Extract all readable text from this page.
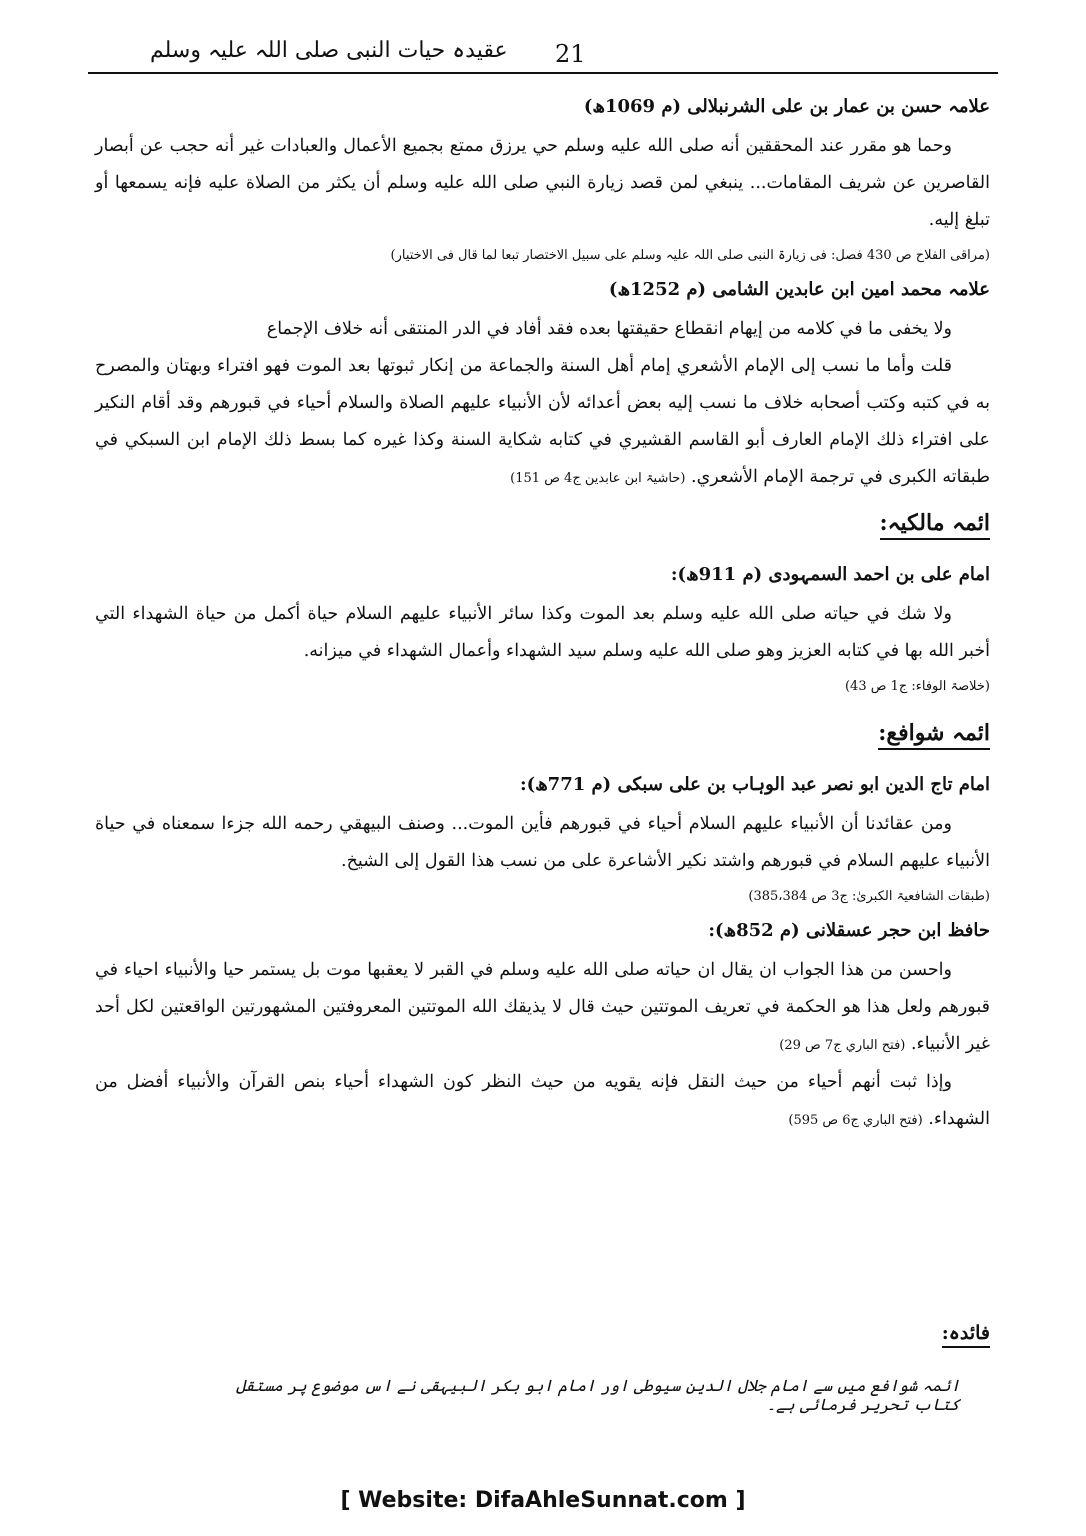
عقیدہ حیات النبی صلی اللہ علیہ وسلم 21
علامہ حسن بن عمار بن علی الشرنبلالی (م 1069ھ)

وحما هو مقرر عند المحققين أنه صلى الله عليه وسلم حي يرزق ممتع بجميع الأعمال والعبادات غير أنه حجب عن أبصار القاصرين عن شريف المقامات... ينبغي لمن قصد زيارة النبي صلى الله عليه وسلم أن يكثر من الصلاة عليه فإنه يسمعها أو تبلغ إليه.

(مراقی الفلاح ص 430 فصل: فی زیارۃ النبی صلی اللہ علیہ وسلم علی سبیل الاختصار تبعا لما قال فی الاختیار)
علامہ محمد امین ابن عابدین الشامی (م 1252ھ)

ولا يخفى ما في كلامه من إيهام انقطاع حقيقتها بعده فقد أفاد في الدر المنتقى أنه خلاف الإجماع

قلت وأما ما نسب إلى الإمام الأشعري إمام أهل السنة والجماعة من إنكار ثبوتها بعد الموت فهو افتراء وبهتان والمصرح به في كتبه وكتب أصحابه خلاف ما نسب إليه بعض أعدائه لأن الأنبياء عليهم الصلاة والسلام أحياء في قبورهم وقد أقام النكير على افتراء ذلك الإمام العارف أبو القاسم القشيري في كتابه شكاية السنة وكذا غيره كما بسط ذلك الإمام ابن السبكي في طبقاته الكبرى في ترجمة الإمام الأشعري. (حاشیۃ ابن عابدین ج4 ص 151)

ائمہ مالکیہ:
امام علی بن احمد السمہودی (م 911ھ):

ولا شك في حياته صلى الله عليه وسلم بعد الموت وكذا سائر الأنبياء عليهم السلام حياة أكمل من حياة الشهداء التي أخبر الله بها في كتابه العزيز وهو صلى الله عليه وسلم سيد الشهداء وأعمال الشهداء في ميزانه.

(خلاصۃ الوفاء: ج1 ص 43)
ائمہ شوافع:
امام تاج الدین ابو نصر عبد الوہاب بن علی سبکی (م 771ھ):

ومن عقائدنا أن الأنبياء عليهم السلام أحياء في قبورهم فأين الموت... وصنف البيهقي رحمه الله جزءا سمعناه في حياة الأنبياء عليهم السلام في قبورهم واشتد نكير الأشاعرة على من نسب هذا القول إلى الشيخ.

(طبقات الشافعیۃ الکبریٰ: ج3 ص 385،384)
حافظ ابن حجر عسقلانی (م 852ھ):

واحسن من هذا الجواب ان يقال ان حياته صلى الله عليه وسلم في القبر لا يعقبها موت بل يستمر حيا والأنبياء احياء في قبورهم ولعل هذا هو الحكمة في تعريف الموتتين حيث قال لا يذيقك الله الموتتين المعروفتين المشهورتين الواقعتين لكل أحد غير الأنبياء. (فتح الباري ج7 ص 29)

وإذا ثبت أنهم أحياء من حيث النقل فإنه يقويه من حيث النظر كون الشهداء أحياء بنص القرآن والأنبياء أفضل من الشهداء. (فتح الباري ج6 ص 595)

فائدہ:
ائمہ شوافع میں سے امام جلال الدین سیوطی اور امام ابو بکر البیہقی نے اس موضوع پر مستقل کتاب تحریر فرمائی ہے۔
[ Website: DifaAhleSunnat.com ]
